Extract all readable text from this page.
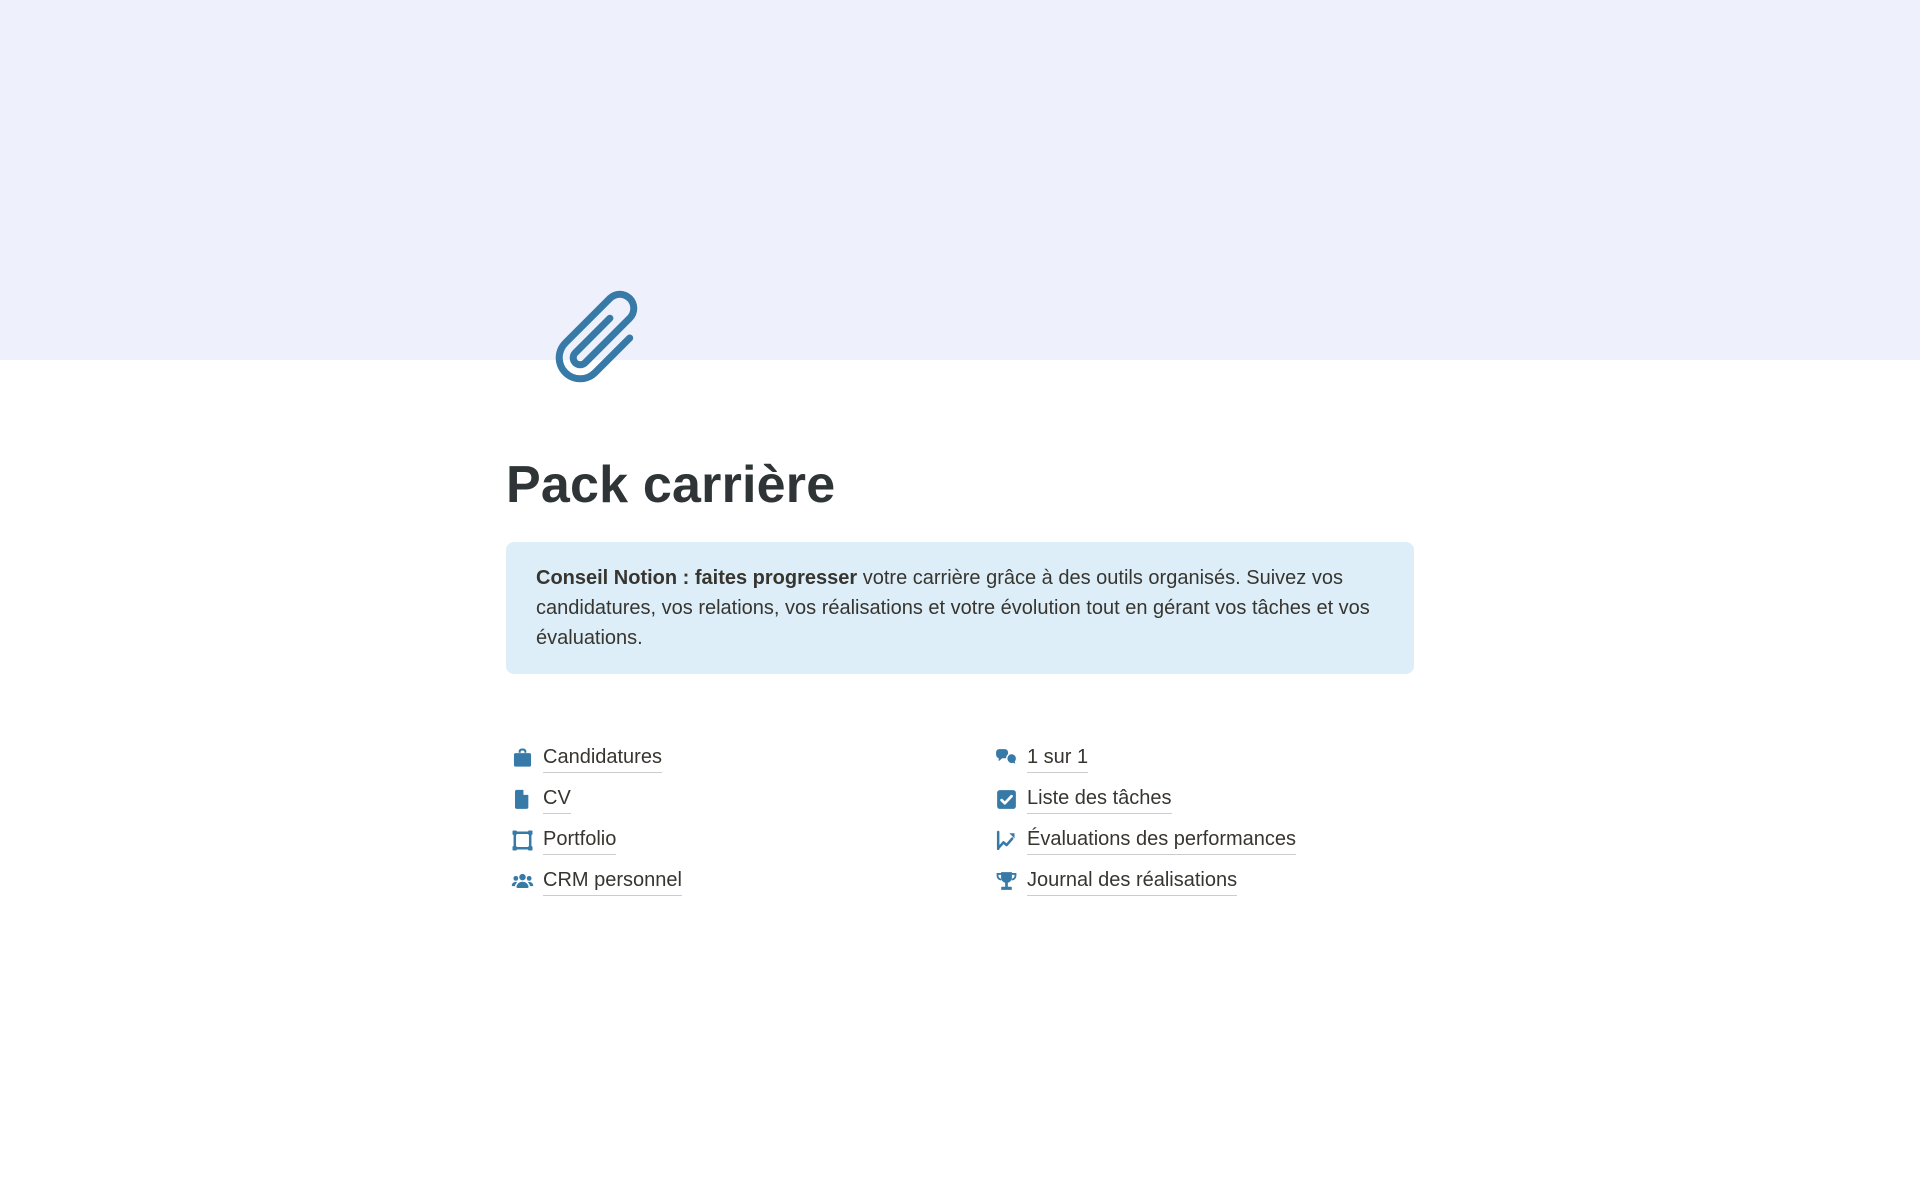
Pack carrière
Conseil Notion : faites progresser votre carrière grâce à des outils organisés. Suivez vos candidatures, vos relations, vos réalisations et votre évolution tout en gérant vos tâches et vos évaluations.
Candidatures
CV
Portfolio
CRM personnel
1 sur 1
Liste des tâches
Évaluations des performances
Journal des réalisations
